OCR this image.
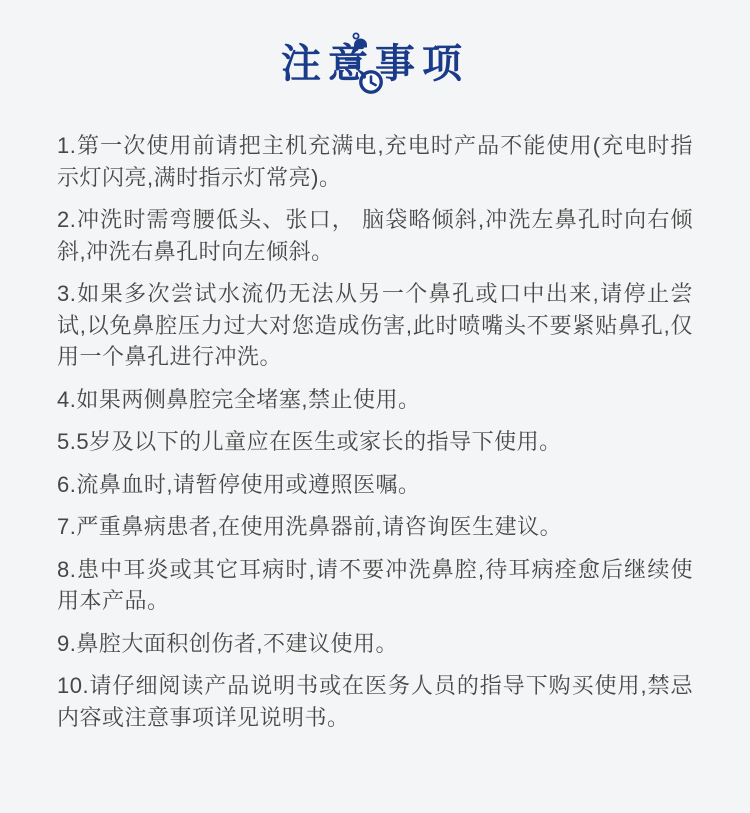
注意事项

1.第一次使用前请把主机充满电,充电时产品不能使用(充电时指示灯闪亮,满时指示灯常亮)。

2.冲洗时需弯腰低头、张口， 脑袋略倾斜,冲洗左鼻孔时向右倾斜,冲洗右鼻孔时向左倾斜。

3.如果多次尝试水流仍无法从另一个鼻孔或口中出来,请停止尝试,以免鼻腔压力过大对您造成伤害,此时喷嘴头不要紧贴鼻孔,仅用一个鼻孔进行冲洗。

4.如果两侧鼻腔完全堵塞,禁止使用。

5.5岁及以下的儿童应在医生或家长的指导下使用。

6.流鼻血时,请暂停使用或遵照医嘱。

7.严重鼻病患者,在使用洗鼻器前,请咨询医生建议。

8.患中耳炎或其它耳病时,请不要冲洗鼻腔,待耳病痊愈后继续使用本产品。

9.鼻腔大面积创伤者,不建议使用。

10.请仔细阅读产品说明书或在医务人员的指导下购买使用,禁忌内容或注意事项详见说明书。
